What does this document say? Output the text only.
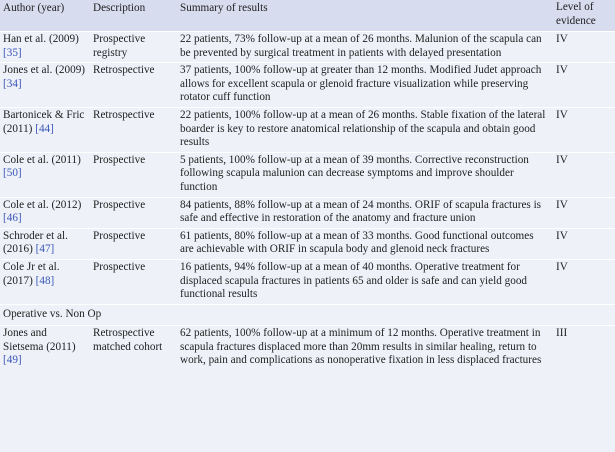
Author (year)	Description	Summary of results	Level of evidence
Han et al. (2009) [35]	Prospective registry	22 patients, 73% follow-up at a mean of 26 months. Malunion of the scapula can be prevented by surgical treatment in patients with delayed presentation	IV
Jones et al. (2009) [34]	Retrospective	37 patients, 100% follow-up at greater than 12 months. Modified Judet approach allows for excellent scapula or glenoid fracture visualization while preserving rotator cuff function	IV
Bartonicek & Fric (2011) [44]	Retrospective	22 patients, 100% follow-up at a mean of 26 months. Stable fixation of the lateral boarder is key to restore anatomical relationship of the scapula and obtain good results	IV
Cole et al. (2011) [50]	Prospective	5 patients, 100% follow-up at a mean of 39 months. Corrective reconstruction following scapula malunion can decrease symptoms and improve shoulder function	IV
Cole et al. (2012) [46]	Prospective	84 patients, 88% follow-up at a mean of 24 months. ORIF of scapula fractures is safe and effective in restoration of the anatomy and fracture union	IV
Schroder et al. (2016) [47]	Prospective	61 patients, 80% follow-up at a mean of 33 months. Good functional outcomes are achievable with ORIF in scapula body and glenoid neck fractures	IV
Cole Jr et al. (2017) [48]	Prospective	16 patients, 94% follow-up at a mean of 40 months. Operative treatment for displaced scapula fractures in patients 65 and older is safe and can yield good functional results	IV
Operative vs. Non Op			
Jones and Sietsema (2011) [49]	Retrospective matched cohort	62 patients, 100% follow-up at a minimum of 12 months. Operative treatment in scapula fractures displaced more than 20mm results in similar healing, return to work, pain and complications as nonoperative fixation in less displaced fractures	III
